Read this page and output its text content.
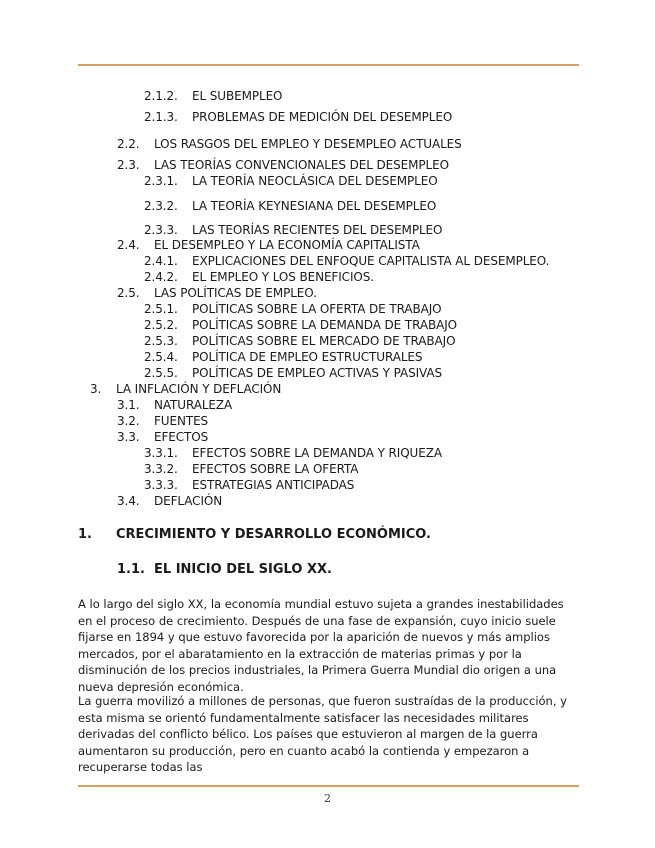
2.1.2. EL SUBEMPLEO
2.1.3. PROBLEMAS DE MEDICIÓN DEL DESEMPLEO
2.2. LOS RASGOS DEL EMPLEO Y DESEMPLEO ACTUALES
2.3. LAS TEORÍAS CONVENCIONALES DEL DESEMPLEO
2.3.1. LA TEORÍA NEOCLÁSICA DEL DESEMPLEO
2.3.2. LA TEORÍA KEYNESIANA DEL DESEMPLEO
2.3.3. LAS TEORÍAS RECIENTES DEL DESEMPLEO
2.4. EL DESEMPLEO Y LA ECONOMÍA CAPITALISTA
2.4.1. EXPLICACIONES DEL ENFOQUE CAPITALISTA AL DESEMPLEO.
2.4.2. EL EMPLEO Y LOS BENEFICIOS.
2.5. LAS POLÍTICAS DE EMPLEO.
2.5.1. POLÍTICAS SOBRE LA OFERTA DE TRABAJO
2.5.2. POLÍTICAS SOBRE LA DEMANDA DE TRABAJO
2.5.3. POLÍTICAS SOBRE EL MERCADO DE TRABAJO
2.5.4. POLÍTICA DE EMPLEO ESTRUCTURALES
2.5.5. POLÍTICAS DE EMPLEO ACTIVAS Y PASIVAS
3. LA INFLACIÓN Y DEFLACIÓN
3.1. NATURALEZA
3.2. FUENTES
3.3. EFECTOS
3.3.1. EFECTOS SOBRE LA DEMANDA Y RIQUEZA
3.3.2. EFECTOS SOBRE LA OFERTA
3.3.3. ESTRATEGIAS ANTICIPADAS
3.4. DEFLACIÓN
1. CRECIMIENTO Y DESARROLLO ECONÓMICO.
1.1. EL INICIO DEL SIGLO XX.

A lo largo del siglo XX, la economía mundial estuvo sujeta a grandes inestabilidades en el proceso de crecimiento. Después de una fase de expansión, cuyo inicio suele fijarse en 1894 y que estuvo favorecida por la aparición de nuevos y más amplios mercados, por el abaratamiento en la extracción de materias primas y por la disminución de los precios industriales, la Primera Guerra Mundial dio origen a una nueva depresión económica.

La guerra movilizó a millones de personas, que fueron sustraídas de la producción, y esta misma se orientó fundamentalmente satisfacer las necesidades militares derivadas del conflicto bélico. Los países que estuvieron al margen de la guerra aumentaron su producción, pero en cuanto acabó la contienda y empezaron a recuperarse todas las

2
